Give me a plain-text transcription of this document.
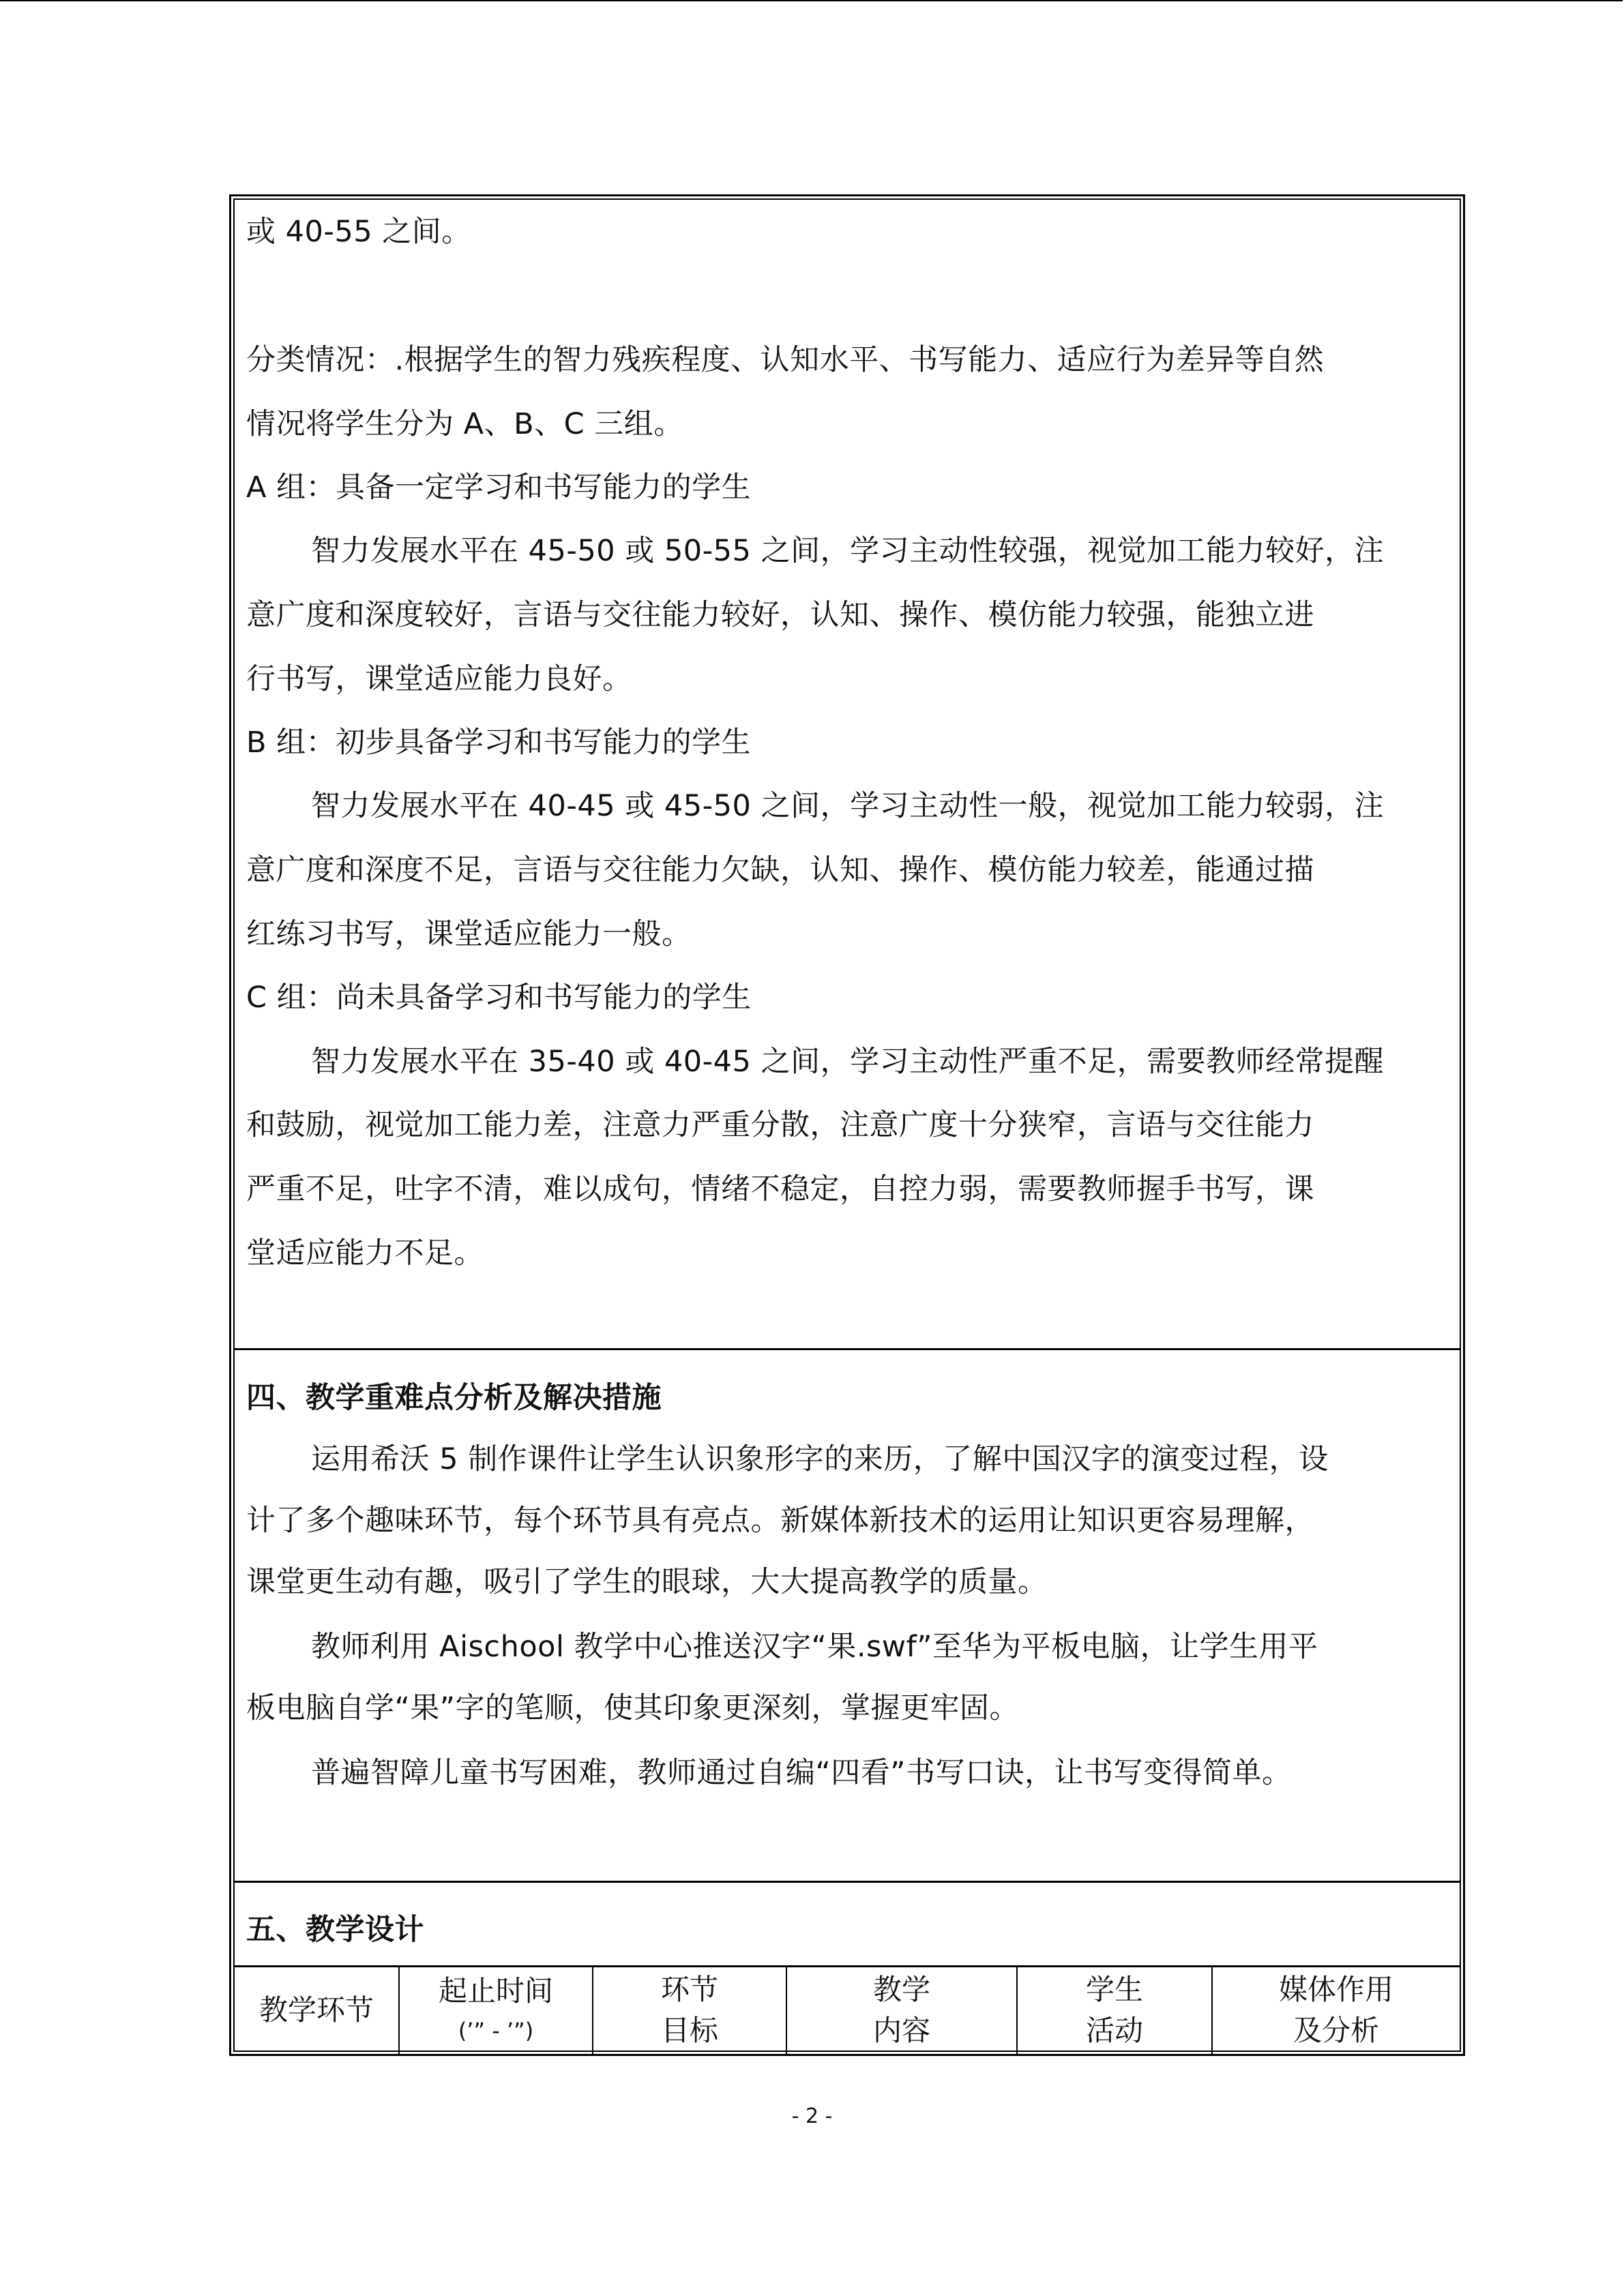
或 40-55 之间。
分类情况：.根据学生的智力残疾程度、认知水平、书写能力、适应行为差异等自然
情况将学生分为 A、B、C 三组。
A 组：具备一定学习和书写能力的学生
智力发展水平在 45-50 或 50-55 之间，学习主动性较强，视觉加工能力较好，注
意广度和深度较好，言语与交往能力较好，认知、操作、模仿能力较强，能独立进
行书写，课堂适应能力良好。
B 组：初步具备学习和书写能力的学生
智力发展水平在 40-45 或 45-50 之间，学习主动性一般，视觉加工能力较弱，注
意广度和深度不足，言语与交往能力欠缺，认知、操作、模仿能力较差，能通过描
红练习书写，课堂适应能力一般。
C 组：尚未具备学习和书写能力的学生
智力发展水平在 35-40 或 40-45 之间，学习主动性严重不足，需要教师经常提醒
和鼓励，视觉加工能力差，注意力严重分散，注意广度十分狭窄，言语与交往能力
严重不足，吐字不清，难以成句，情绪不稳定，自控力弱，需要教师握手书写，课
堂适应能力不足。
四、教学重难点分析及解决措施
运用希沃 5 制作课件让学生认识象形字的来历，了解中国汉字的演变过程，设
计了多个趣味环节，每个环节具有亮点。新媒体新技术的运用让知识更容易理解，
课堂更生动有趣，吸引了学生的眼球，大大提高教学的质量。
教师利用 Aischool 教学中心推送汉字“果.swf”至华为平板电脑，让学生用平
板电脑自学“果”字的笔顺，使其印象更深刻，掌握更牢固。
普遍智障儿童书写困难，教师通过自编“四看”书写口诀，让书写变得简单。
五、教学设计
教学环节
起止时间
(’” - ’”)
环节
目标
教学
内容
学生
活动
媒体作用
及分析
- 2 -
